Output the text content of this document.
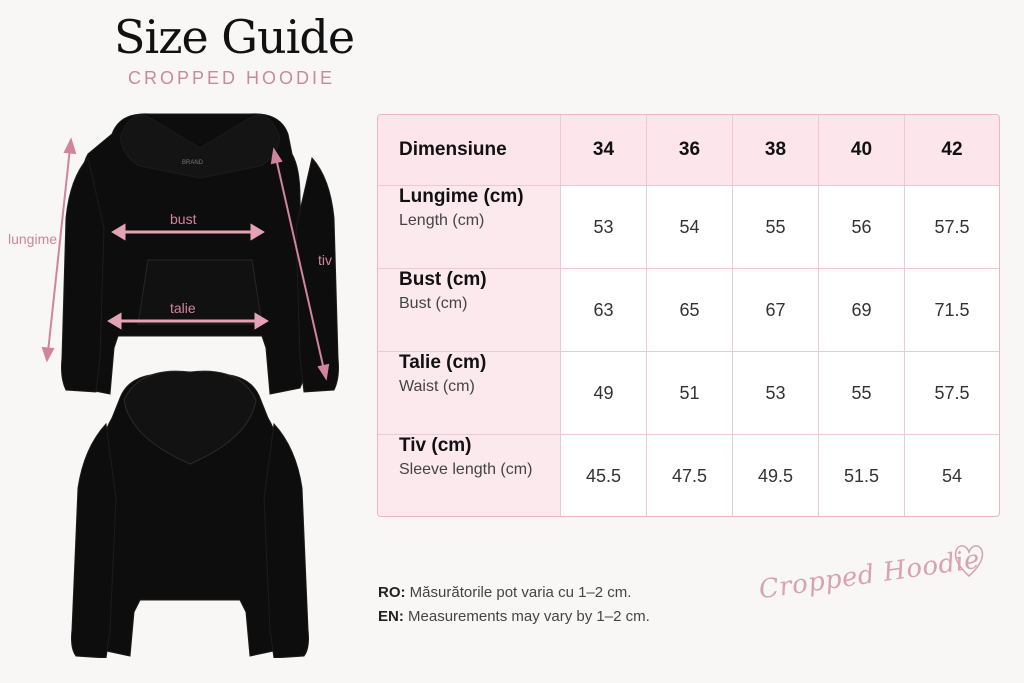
Size Guide
CROPPED HOODIE
BRAND
bust
talie
lungime
tiv
Dimensiune	34	36	38	40	42
Lungime (cm)
Length (cm)	53	54	55	56	57.5
Bust (cm)
Bust (cm)	63	65	67	69	71.5
Talie (cm)
Waist (cm)	49	51	53	55	57.5
Tiv (cm)
Sleeve length (cm)	45.5	47.5	49.5	51.5	54
RO: Măsurătorile pot varia cu 1–2 cm.
EN: Measurements may vary by 1–2 cm.
Cropped Hoodie
